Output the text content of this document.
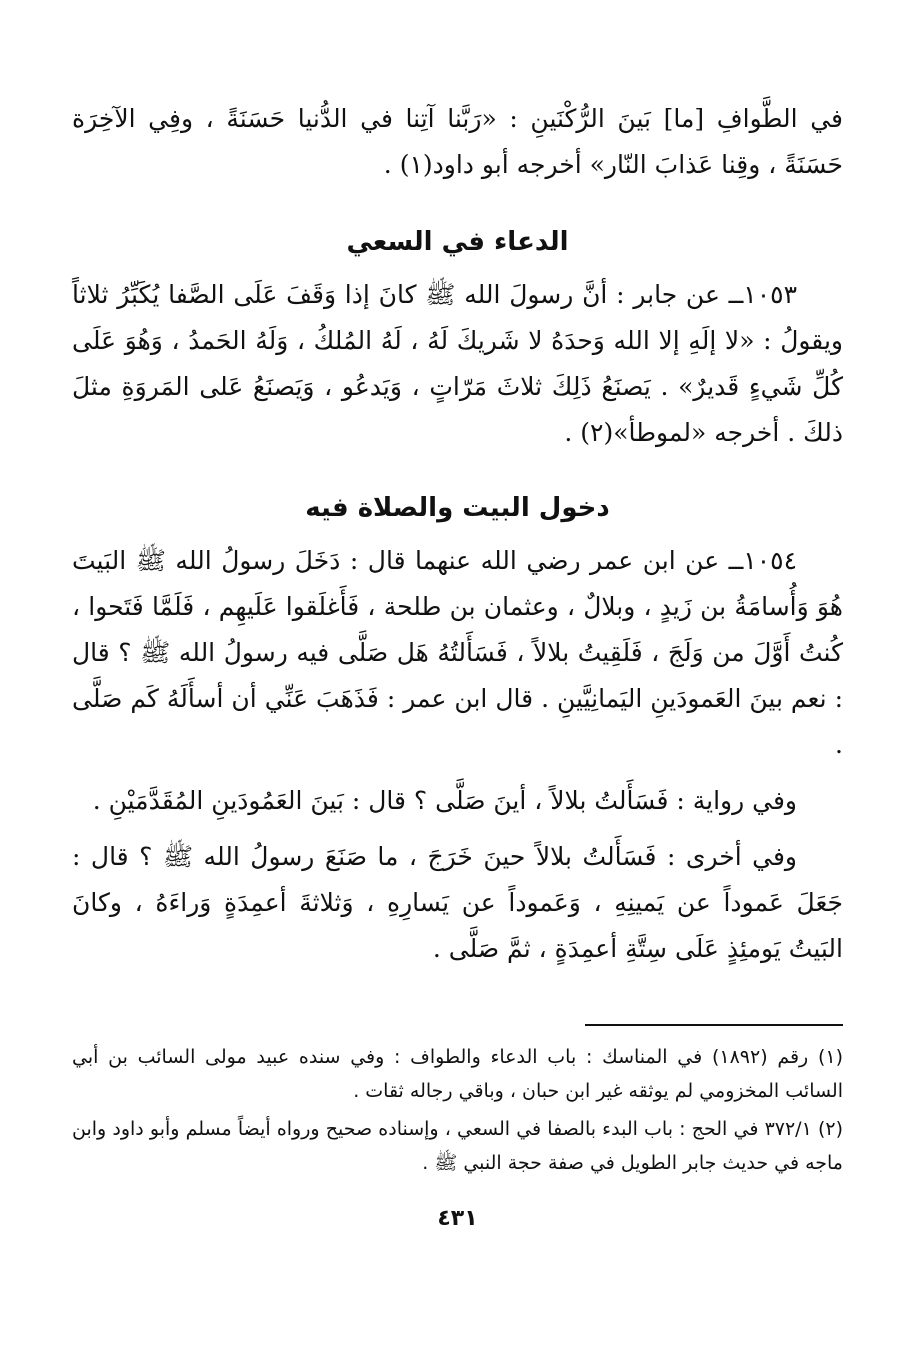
في الطَّوافِ [ما] بَينَ الرُّكْنَينِ : «رَبَّنا آتِنا في الدُّنيا حَسَنَةً ، وفِي الآخِرَة حَسَنَةً ، وقِنا عَذابَ النّار» أخرجه أبو داود(١) .

الدعاء في السعي

١٠٥٣ــ عن جابر : أنَّ رسولَ الله ﷺ كانَ إذا وَقَفَ عَلَى الصَّفا يُكَبِّرُ ثلاثاً ويقولُ : «لا إلَهِ إلا الله وَحدَهُ لا شَريكَ لَهُ ، لَهُ المُلكُ ، وَلَهُ الحَمدُ ، وَهُوَ عَلَى كُلِّ شَيءٍ قَديرٌ» . يَصنَعُ ذَلِكَ ثلاثَ مَرّاتٍ ، وَيَدعُو ، وَيَصنَعُ عَلى المَروَةِ مثلَ ذلكَ . أخرجه «لموطأ»(٢) .

دخول البيت والصلاة فيه

١٠٥٤ــ عن ابن عمر رضي الله عنهما قال : دَخَلَ رسولُ الله ﷺ البَيتَ هُوَ وَأُسامَةُ بن زَيدٍ ، وبلالٌ ، وعثمان بن طلحة ، فَأَغلَقوا عَلَيهِم ، فَلَمَّا فَتَحوا ، كُنتُ أَوَّلَ من وَلَجَ ، فَلَقِيتُ بلالاً ، فَسَأَلتُهُ هَل صَلَّى فيه رسولُ الله ﷺ ؟ قال : نعم بينَ العَمودَينِ اليَمانِيَّينِ . قال ابن عمر : فَذَهَبَ عَنِّي أن أسأَلَهُ كَم صَلَّى .

وفي رواية : فَسَأَلتُ بلالاً ، أينَ صَلَّى ؟ قال : بَينَ العَمُودَينِ المُقَدَّمَيْنِ .

وفي أخرى : فَسَأَلتُ بلالاً حينَ خَرَجَ ، ما صَنَعَ رسولُ الله ﷺ ؟ قال : جَعَلَ عَموداً عن يَمينِهِ ، وَعَموداً عن يَسارِهِ ، وَثلاثةَ أعمِدَةٍ وَراءَهُ ، وكانَ البَيتُ يَومئِذٍ عَلَى سِتَّةِ أعمِدَةٍ ، ثمَّ صَلَّى .

(١) رقم (١٨٩٢) في المناسك : باب الدعاء والطواف : وفي سنده عبيد مولى السائب بن أبي السائب المخزومي لم يوثقه غير ابن حبان ، وباقي رجاله ثقات .

(٢) ٣٧٢/١ في الحج : باب البدء بالصفا في السعي ، وإسناده صحيح ورواه أيضاً مسلم وأبو داود وابن ماجه في حديث جابر الطويل في صفة حجة النبي ﷺ .

٤٣١
